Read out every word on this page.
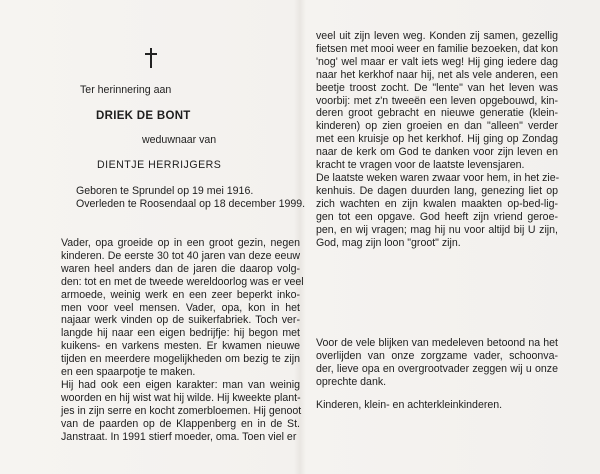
Ter herinnering aan
DRIEK DE BONT
weduwnaar van
DIENTJE HERRIJGERS
Geboren te Sprundel op 19 mei 1916.
Overleden te Roosendaal op 18 december 1999.
Vader, opa groeide op in een groot gezin, negen
kinderen. De eerste 30 tot 40 jaren van deze eeuw
waren heel anders dan de jaren die daarop volg-
den: tot en met de tweede wereldoorlog was er veel
armoede, weinig werk en een zeer beperkt inko-
men voor veel mensen. Vader, opa, kon in het
najaar werk vinden op de suikerfabriek. Toch ver-
langde hij naar een eigen bedrijfje: hij begon met
kuikens- en varkens mesten. Er kwamen nieuwe
tijden en meerdere mogelijkheden om bezig te zijn
en een spaarpotje te maken.
Hij had ook een eigen karakter: man van weinig
woorden en hij wist wat hij wilde. Hij kweekte plant-
jes in zijn serre en kocht zomerbloemen. Hij genoot
van de paarden op de Klappenberg en in de St.
Janstraat. In 1991 stierf moeder, oma. Toen viel er
veel uit zijn leven weg. Konden zij samen, gezellig
fietsen met mooi weer en familie bezoeken, dat kon
'nog' wel maar er valt iets weg! Hij ging iedere dag
naar het kerkhof naar hij, net als vele anderen, een
beetje troost zocht. De "lente" van het leven was
voorbij: met z'n tweeën een leven opgebouwd, kin-
deren groot gebracht en nieuwe generatie (klein-
kinderen) op zien groeien en dan "alleen" verder
met een kruisje op het kerkhof. Hij ging op Zondag
naar de kerk om God te danken voor zijn leven en
kracht te vragen voor de laatste levensjaren.
De laatste weken waren zwaar voor hem, in het zie-
kenhuis. De dagen duurden lang, genezing liet op
zich wachten en zijn kwalen maakten op-bed-lig-
gen tot een opgave. God heeft zijn vriend geroe-
pen, en wij vragen; mag hij nu voor altijd bij U zijn,
God, mag zijn loon "groot" zijn.
Voor de vele blijken van medeleven betoond na het
overlijden van onze zorgzame vader, schoonva-
der, lieve opa en overgrootvader zeggen wij u onze
oprechte dank.
Kinderen, klein- en achterkleinkinderen.
